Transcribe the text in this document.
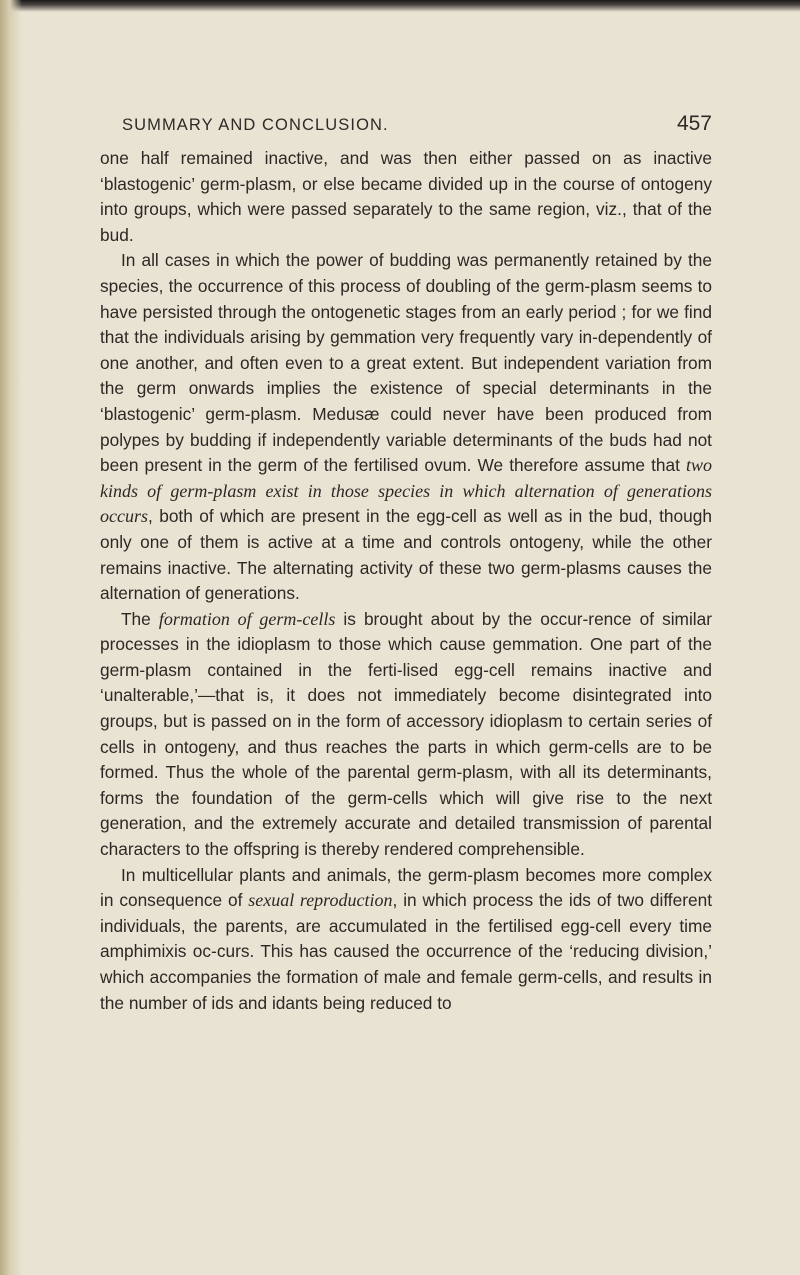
SUMMARY AND CONCLUSION.	457

one half remained inactive, and was then either passed on as inactive ‘blastogenic’ germ-plasm, or else became divided up in the course of ontogeny into groups, which were passed separately to the same region, viz., that of the bud.

In all cases in which the power of budding was permanently retained by the species, the occurrence of this process of doubling of the germ-plasm seems to have persisted through the ontogenetic stages from an early period ; for we find that the individuals arising by gemmation very frequently vary in-dependently of one another, and often even to a great extent. But independent variation from the germ onwards implies the existence of special determinants in the ‘blastogenic’ germ-plasm. Medusæ could never have been produced from polypes by budding if independently variable determinants of the buds had not been present in the germ of the fertilised ovum. We therefore assume that two kinds of germ-plasm exist in those species in which alternation of generations occurs, both of which are present in the egg-cell as well as in the bud, though only one of them is active at a time and controls ontogeny, while the other remains inactive. The alternating activity of these two germ-plasms causes the alternation of generations.

The formation of germ-cells is brought about by the occur-rence of similar processes in the idioplasm to those which cause gemmation. One part of the germ-plasm contained in the ferti-lised egg-cell remains inactive and ‘unalterable,’—that is, it does not immediately become disintegrated into groups, but is passed on in the form of accessory idioplasm to certain series of cells in ontogeny, and thus reaches the parts in which germ-cells are to be formed. Thus the whole of the parental germ-plasm, with all its determinants, forms the foundation of the germ-cells which will give rise to the next generation, and the extremely accurate and detailed transmission of parental characters to the offspring is thereby rendered comprehensible.

In multicellular plants and animals, the germ-plasm becomes more complex in consequence of sexual reproduction, in which process the ids of two different individuals, the parents, are accumulated in the fertilised egg-cell every time amphimixis oc-curs. This has caused the occurrence of the ‘reducing division,’ which accompanies the formation of male and female germ-cells, and results in the number of ids and idants being reduced to
